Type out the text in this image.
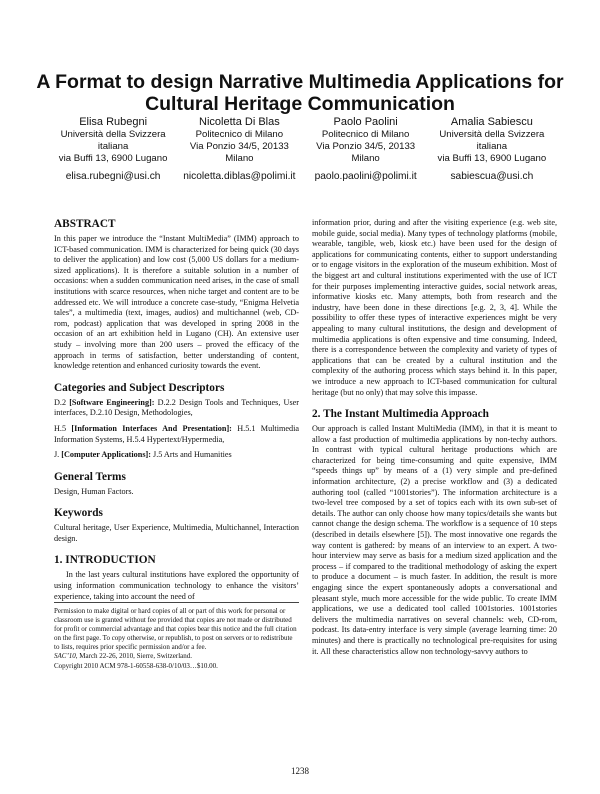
A Format to design Narrative Multimedia Applications for
Cultural Heritage Communication
Elisa Rubegni
Università della Svizzera
italiana
via Buffi 13, 6900 Lugano
elisa.rubegni@usi.ch
Nicoletta Di Blas
Politecnico di Milano
Via Ponzio 34/5, 20133
Milano
nicoletta.diblas@polimi.it
Paolo Paolini
Politecnico di Milano
Via Ponzio 34/5, 20133
Milano
paolo.paolini@polimi.it
Amalia Sabiescu
Università della Svizzera
italiana
via Buffi 13, 6900 Lugano
sabiescua@usi.ch
ABSTRACT

In this paper we introduce the “Instant MultiMedia” (IMM) approach to ICT-based communication. IMM is characterized for being quick (30 days to deliver the application) and low cost (5,000 US dollars for a medium-sized applications). It is therefore a suitable solution in a number of occasions: when a sudden communication need arises, in the case of small institutions with scarce resources, when niche target and content are to be addressed etc. We will introduce a concrete case-study, “Enigma Helvetia tales”, a multimedia (text, images, audios) and multichannel (web, CD-rom, podcast) application that was developed in spring 2008 in the occasion of an art exhibition held in Lugano (CH). An extensive user study – involving more than 200 users – proved the efficacy of the approach in terms of satisfaction, better understanding of content, knowledge retention and enhanced curiosity towards the event.

Categories and Subject Descriptors

D.2 [Software Engineering]: D.2.2 Design Tools and Techniques, User interfaces, D.2.10 Design, Methodologies,

H.5 [Information Interfaces And Presentation]: H.5.1 Multimedia Information Systems, H.5.4 Hypertext/Hypermedia,

J. [Computer Applications]: J.5 Arts and Humanities

General Terms

Design, Human Factors.

Keywords

Cultural heritage, User Experience, Multimedia, Multichannel, Interaction design.

1. INTRODUCTION

In the last years cultural institutions have explored the opportunity of using information communication technology to enhance the visitors’ experience, taking into account the need of

Permission to make digital or hard copies of all or part of this work for personal or classroom use is granted without fee provided that copies are not made or distributed for profit or commercial advantage and that copies bear this notice and the full citation on the first page. To copy otherwise, or republish, to post on servers or to redistribute to lists, requires prior specific permission and/or a fee.
SAC’10, March 22-26, 2010, Sierre, Switzerland.
Copyright 2010 ACM 978-1-60558-638-0/10/03…$10.00.

information prior, during and after the visiting experience (e.g. web site, mobile guide, social media). Many types of technology platforms (mobile, wearable, tangible, web, kiosk etc.) have been used for the design of applications for communicating contents, either to support understanding or to engage visitors in the exploration of the museum exhibition. Most of the biggest art and cultural institutions experimented with the use of ICT for their purposes implementing interactive guides, social network areas, informative kiosks etc. Many attempts, both from research and the industry, have been done in these directions [e.g. 2, 3, 4]. While the possibility to offer these types of interactive experiences might be very appealing to many cultural institutions, the design and development of multimedia applications is often expensive and time consuming. Indeed, there is a correspondence between the complexity and variety of types of applications that can be created by a cultural institution and the complexity of the authoring process which stays behind it. In this paper, we introduce a new approach to ICT-based communication for cultural heritage (but no only) that may solve this impasse.

2. The Instant Multimedia Approach

Our approach is called Instant MultiMedia (IMM), in that it is meant to allow a fast production of multimedia applications by non-techy authors. In contrast with typical cultural heritage productions which are characterized for being time-consuming and quite expensive, IMM “speeds things up” by means of a (1) very simple and pre-defined information architecture, (2) a precise workflow and (3) a dedicated authoring tool (called “1001stories”). The information architecture is a two-level tree composed by a set of topics each with its own sub-set of details. The author can only choose how many topics/details she wants but cannot change the design schema. The workflow is a sequence of 10 steps (described in details elsewhere [5]). The most innovative one regards the way content is gathered: by means of an interview to an expert. A two-hour interview may serve as basis for a medium sized application and the process – if compared to the traditional methodology of asking the expert to produce a document – is much faster. In addition, the result is more engaging since the expert spontaneously adopts a conversational and pleasant style, much more accessible for the wide public. To create IMM applications, we use a dedicated tool called 1001stories. 1001stories delivers the multimedia narratives on several channels: web, CD-rom, podcast. Its data-entry interface is very simple (average learning time: 20 minutes) and there is practically no technological pre-requisites for using it. All these characteristics allow non technology-savvy authors to

1238
